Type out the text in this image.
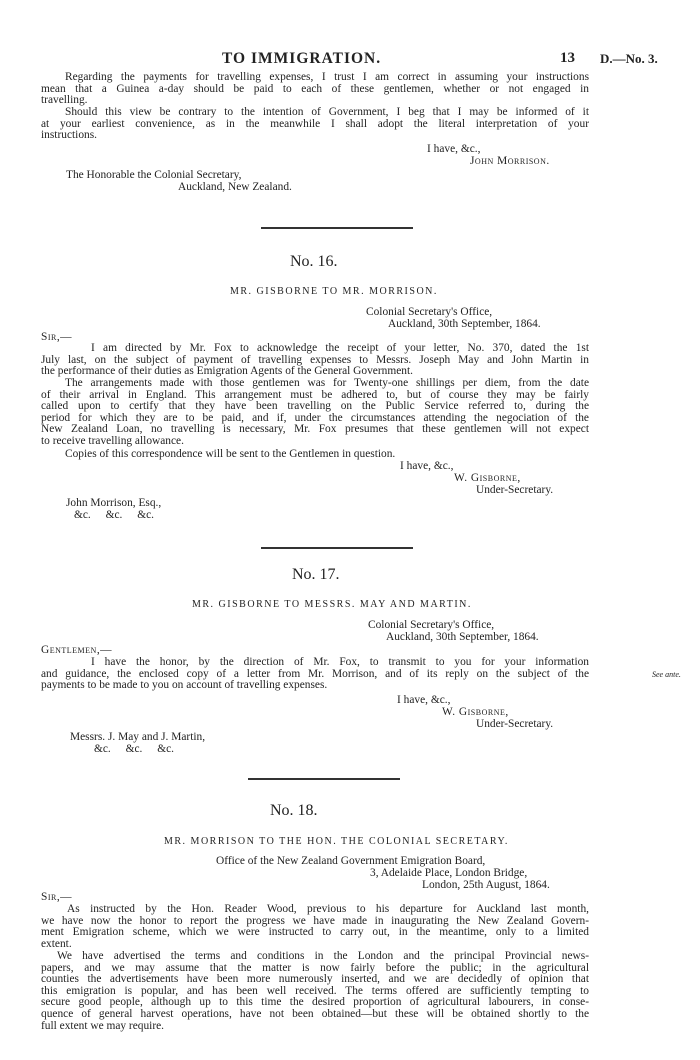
TO IMMIGRATION.	13 D.—No. 3.
Regarding the payments for travelling expenses, I trust I am correct in assuming your instructions
mean that a Guinea a-day should be paid to each of these gentlemen, whether or not engaged in
travelling.
Should this view be contrary to the intention of Government, I beg that I may be informed of it
at your earliest convenience, as in the meanwhile I shall adopt the literal interpretation of your
instructions.
I have, &c.,
John Morrison.
The Honorable the Colonial Secretary,
Auckland, New Zealand.
No. 16.
MR. GISBORNE TO MR. MORRISON.
Colonial Secretary's Office,
Auckland, 30th September, 1864.
Sir,—
I am directed by Mr. Fox to acknowledge the receipt of your letter, No. 370, dated the 1st
July last, on the subject of payment of travelling expenses to Messrs. Joseph May and John Martin in
the performance of their duties as Emigration Agents of the General Government.
The arrangements made with those gentlemen was for Twenty-one shillings per diem, from the date
of their arrival in England. This arrangement must be adhered to, but of course they may be fairly
called upon to certify that they have been travelling on the Public Service referred to, during the
period for which they are to be paid, and if, under the circumstances attending the negociation of the
New Zealand Loan, no travelling is necessary, Mr. Fox presumes that these gentlemen will not expect
to receive travelling allowance.
Copies of this correspondence will be sent to the Gentlemen in question.
I have, &c.,
W. Gisborne,
Under-Secretary.
John Morrison, Esq.,
&c. &c. &c.
No. 17.
MR. GISBORNE TO MESSRS. MAY AND MARTIN.
Colonial Secretary's Office,
Auckland, 30th September, 1864.
Gentlemen,—
I have the honor, by the direction of Mr. Fox, to transmit to you for your information
and guidance, the enclosed copy of a letter from Mr. Morrison, and of its reply on the subject of the
payments to be made to you on account of travelling expenses.
See ante.
I have, &c.,
W. Gisborne,
Under-Secretary.
Messrs. J. May and J. Martin,
&c. &c. &c.
No. 18.
MR. MORRISON TO THE HON. THE COLONIAL SECRETARY.
Office of the New Zealand Government Emigration Board,
3, Adelaide Place, London Bridge,
London, 25th August, 1864.
Sir,—
As instructed by the Hon. Reader Wood, previous to his departure for Auckland last month,
we have now the honor to report the progress we have made in inaugurating the New Zealand Govern-
ment Emigration scheme, which we were instructed to carry out, in the meantime, only to a limited
extent.
We have advertised the terms and conditions in the London and the principal Provincial news-
papers, and we may assume that the matter is now fairly before the public; in the agricultural
counties the advertisements have been more numerously inserted, and we are decidedly of opinion that
this emigration is popular, and has been well received. The terms offered are sufficiently tempting to
secure good people, although up to this time the desired proportion of agricultural labourers, in conse-
quence of general harvest operations, have not been obtained—but these will be obtained shortly to the
full extent we may require.
